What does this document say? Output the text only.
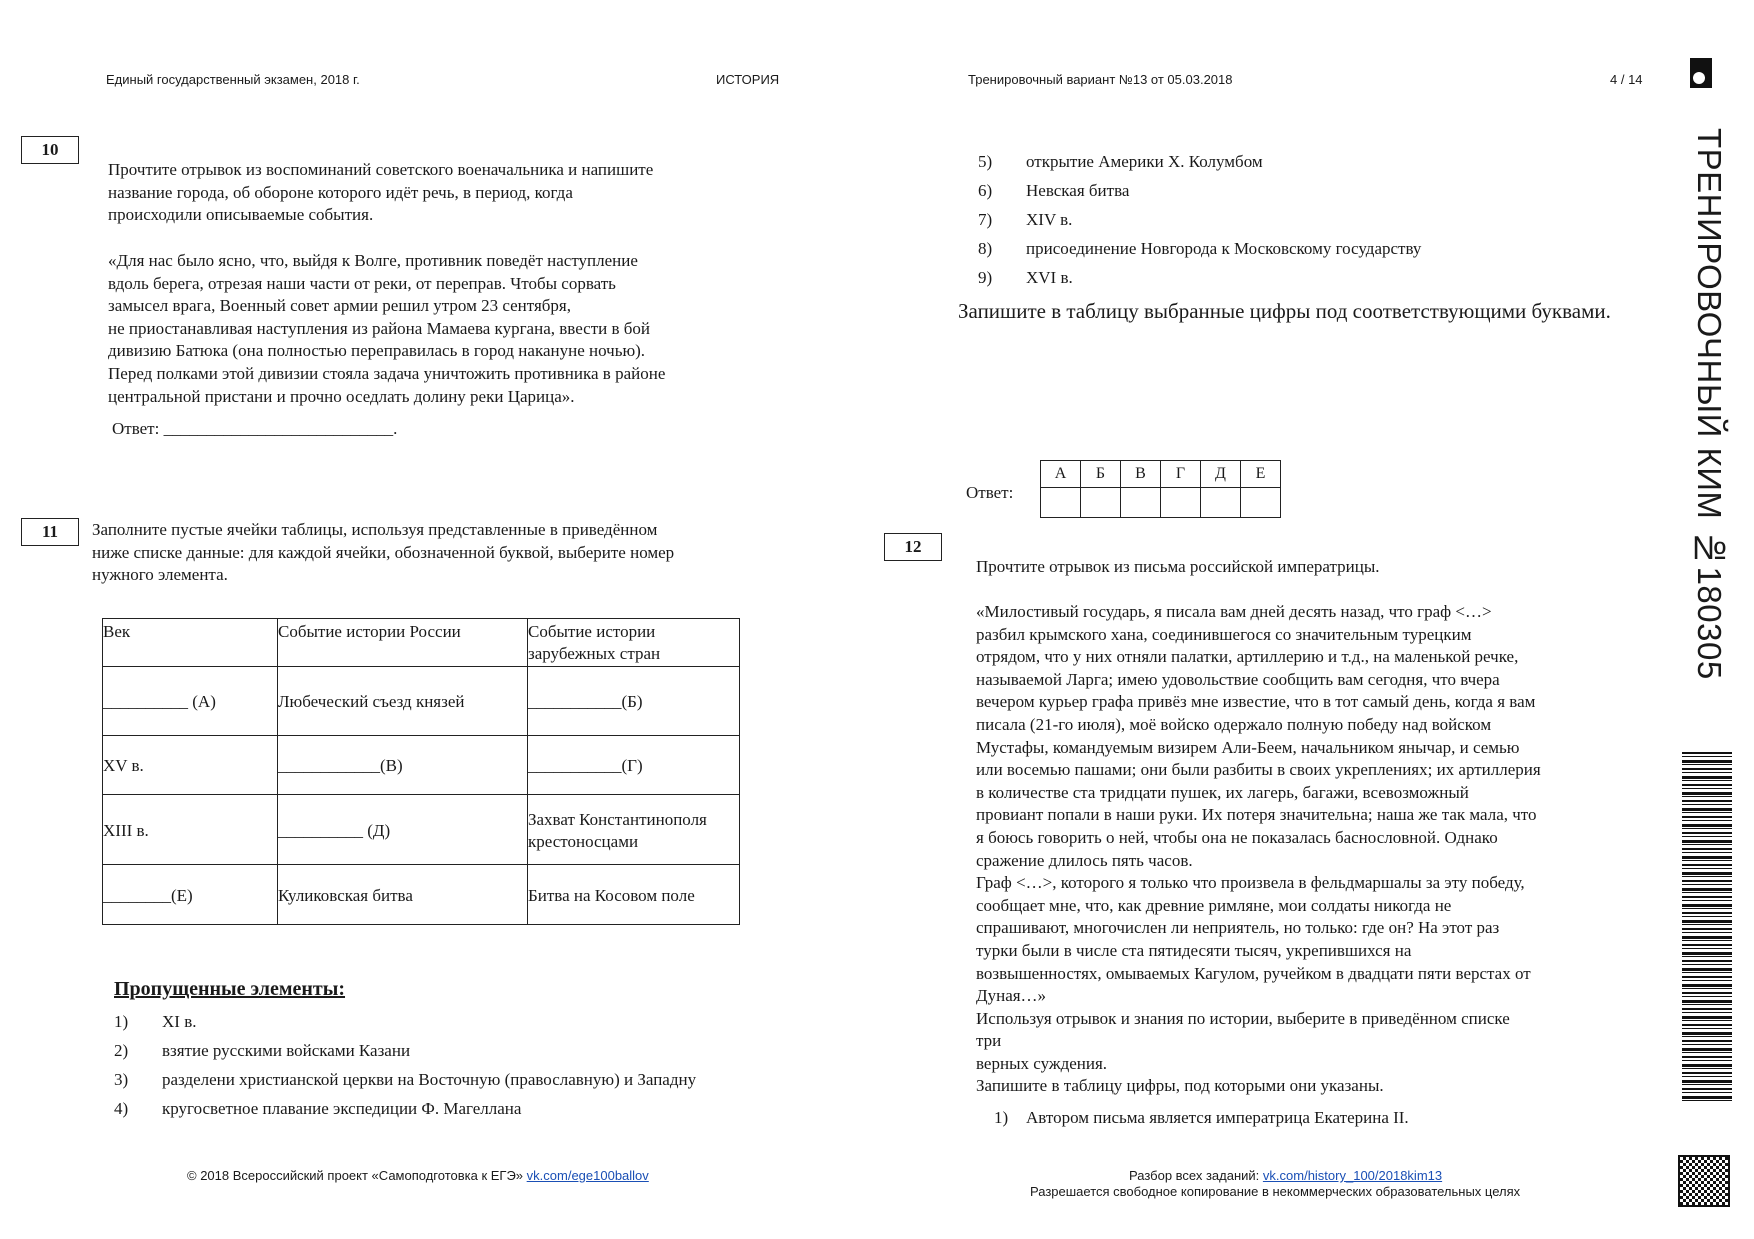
Единый государственный экзамен, 2018 г.	ИСТОРИЯ	Тренировочный вариант №13 от 05.03.2018	4 / 14
ТРЕНИРОВОЧНЫЙ КИМ №180305
10
Прочтите отрывок из воспоминаний советского военачальника и напишите
название города, об обороне которого идёт речь, в период, когда
происходили описываемые события.
«Для нас было ясно, что, выйдя к Волге, противник поведёт наступление
вдоль берега, отрезая наши части от реки, от переправ. Чтобы сорвать
замысел врага, Военный совет армии решил утром 23 сентября,
не приостанавливая наступления из района Мамаева кургана, ввести в бой
дивизию Батюка (она полностью переправилась в город накануне ночью).
Перед полками этой дивизии стояла задача уничтожить противника в районе
центральной пристани и прочно оседлать долину реки Царица».
Ответ: ___________________________.
11	Заполните пустые ячейки таблицы, используя представленные в приведённом
ниже списке данные: для каждой ячейки, обозначенной буквой, выберите номер
нужного элемента.
Век	Событие истории России	Событие истории зарубежных стран
__________ (А)	Любеческий съезд князей	___________(Б)
XV в.	____________(В)	___________(Г)
XIII в.	__________ (Д)	Захват Константинополя крестоносцами
________(Е)	Куликовская битва	Битва на Косовом поле
Пропущенные элементы:
1) XI в.
2) взятие русскими войсками Казани
3) разделени христианской церкви на Восточную (православную) и Западну
4) кругосветное плавание экспедиции Ф. Магеллана
5) открытие Америки Х. Колумбом
6) Невская битва
7) XIV в.
8) присоединение Новгорода к Московскому государству
9) XVI в.
Запишите в таблицу выбранные цифры под соответствующими буквами.
Ответ:
А	Б	В	Г	Д	Е

12
Прочтите отрывок из письма российской императрицы.
«Милостивый государь, я писала вам дней десять назад, что граф <…>
разбил крымского хана, соединившегося со значительным турецким
отрядом, что у них отняли палатки, артиллерию и т.д., на маленькой речке,
называемой Ларга; имею удовольствие сообщить вам сегодня, что вчера
вечером курьер графа привёз мне известие, что в тот самый день, когда я вам
писала (21-го июля), моё войско одержало полную победу над войском
Мустафы, командуемым визирем Али-Беем, начальником янычар, и семью
или восемью пашами; они были разбиты в своих укреплениях; их артиллерия
в количестве ста тридцати пушек, их лагерь, багажи, всевозможный
провиант попали в наши руки. Их потеря значительна; наша же так мала, что
я боюсь говорить о ней, чтобы она не показалась баснословной. Однако
сражение длилось пять часов.
Граф <…>, которого я только что произвела в фельдмаршалы за эту победу,
сообщает мне, что, как древние римляне, мои солдаты никогда не
спрашивают, многочислен ли неприятель, но только: где он? На этот раз
турки были в числе ста пятидесяти тысяч, укрепившихся на
возвышенностях, омываемых Кагулом, ручейком в двадцати пяти верстах от
Дуная…»
Используя отрывок и знания по истории, выберите в приведённом списке
три
верных суждения.
Запишите в таблицу цифры, под которыми они указаны.
1) Автором письма является императрица Екатерина II.
© 2018 Всероссийский проект «Самоподготовка к ЕГЭ» vk.com/ege100ballov	Разбор всех заданий: vk.com/history_100/2018kim13
Разрешается свободное копирование в некоммерческих образовательных целях
